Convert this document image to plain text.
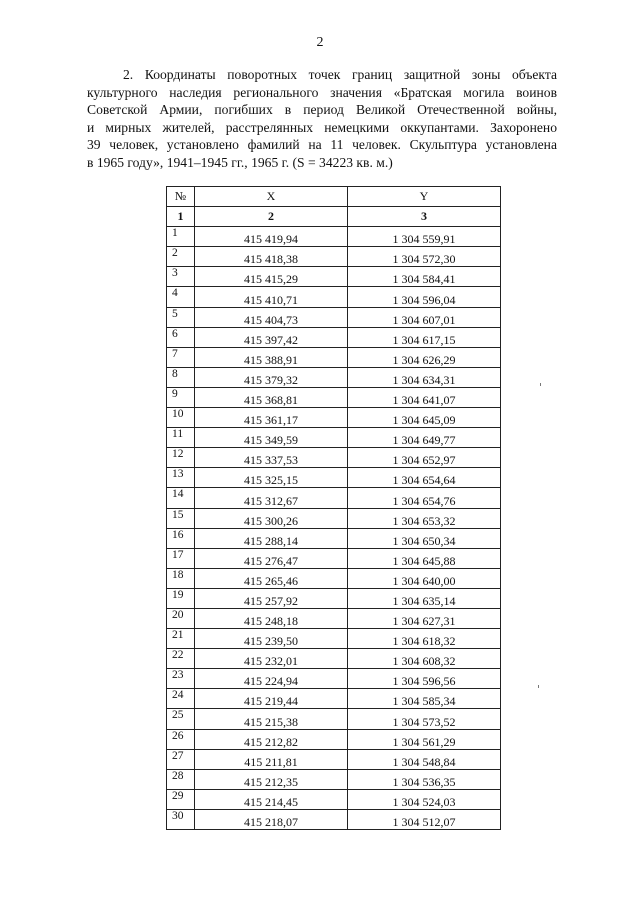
2
2. Координаты поворотных точек границ защитной зоны объекта
культурного наследия регионального значения «Братская могила воинов
Советской Армии, погибших в период Великой Отечественной войны,
и мирных жителей, расстрелянных немецкими оккупантами. Захоронено
39 человек, установлено фамилий на 11 человек. Скульптура установлена
в 1965 году», 1941–1945 гг., 1965 г. (S = 34223 кв. м.)
№	X	Y
1	2	3
1	415 419,94	1 304 559,91
2	415 418,38	1 304 572,30
3	415 415,29	1 304 584,41
4	415 410,71	1 304 596,04
5	415 404,73	1 304 607,01
6	415 397,42	1 304 617,15
7	415 388,91	1 304 626,29
8	415 379,32	1 304 634,31
9	415 368,81	1 304 641,07
10	415 361,17	1 304 645,09
11	415 349,59	1 304 649,77
12	415 337,53	1 304 652,97
13	415 325,15	1 304 654,64
14	415 312,67	1 304 654,76
15	415 300,26	1 304 653,32
16	415 288,14	1 304 650,34
17	415 276,47	1 304 645,88
18	415 265,46	1 304 640,00
19	415 257,92	1 304 635,14
20	415 248,18	1 304 627,31
21	415 239,50	1 304 618,32
22	415 232,01	1 304 608,32
23	415 224,94	1 304 596,56
24	415 219,44	1 304 585,34
25	415 215,38	1 304 573,52
26	415 212,82	1 304 561,29
27	415 211,81	1 304 548,84
28	415 212,35	1 304 536,35
29	415 214,45	1 304 524,03
30	415 218,07	1 304 512,07
